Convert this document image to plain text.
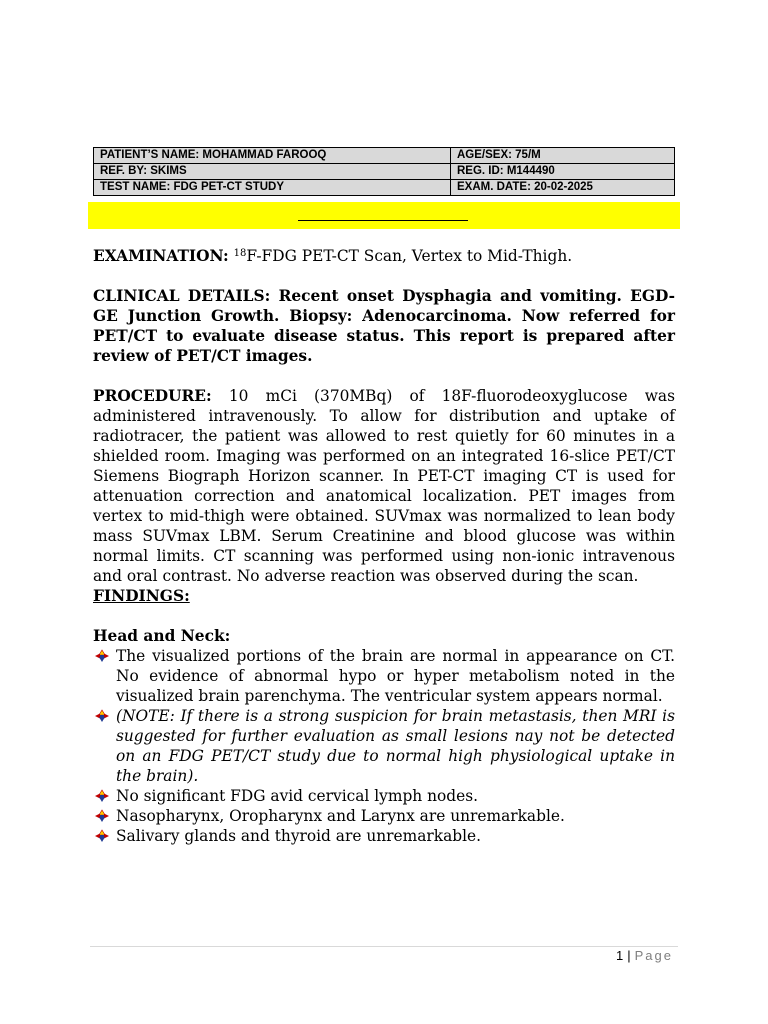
PATIENT’S NAME: MOHAMMAD FAROOQ	AGE/SEX: 75/M
REF. BY: SKIMS	REG. ID: M144490
TEST NAME: FDG PET-CT STUDY	EXAM. DATE: 20-02-2025

EXAMINATION: $^{18}$F-FDG PET-CT Scan, Vertex to Mid-Thigh.

CLINICAL DETAILS: Recent onset Dysphagia and vomiting. EGD-GE Junction Growth. Biopsy: Adenocarcinoma. Now referred for PET/CT to evaluate disease status. This report is prepared after review of PET/CT images.

PROCEDURE: 10 mCi (370MBq) of 18F-fluorodeoxyglucose was administered intravenously. To allow for distribution and uptake of radiotracer, the patient was allowed to rest quietly for 60 minutes in a shielded room. Imaging was performed on an integrated 16-slice PET/CT Siemens Biograph Horizon scanner. In PET-CT imaging CT is used for attenuation correction and anatomical localization. PET images from vertex to mid-thigh were obtained. SUVmax was normalized to lean body mass SUVmax LBM. Serum Creatinine and blood glucose was within normal limits. CT scanning was performed using non-ionic intravenous and oral contrast. No adverse reaction was observed during the scan.

FINDINGS:

Head and Neck:

The visualized portions of the brain are normal in appearance on CT. No evidence of abnormal hypo or hyper metabolism noted in the visualized brain parenchyma. The ventricular system appears normal.
(NOTE: If there is a strong suspicion for brain metastasis, then MRI is suggested for further evaluation as small lesions nay not be detected on an FDG PET/CT study due to normal high physiological uptake in the brain).
No significant FDG avid cervical lymph nodes.
Nasopharynx, Oropharynx and Larynx are unremarkable.
Salivary glands and thyroid are unremarkable.
1 | Page
